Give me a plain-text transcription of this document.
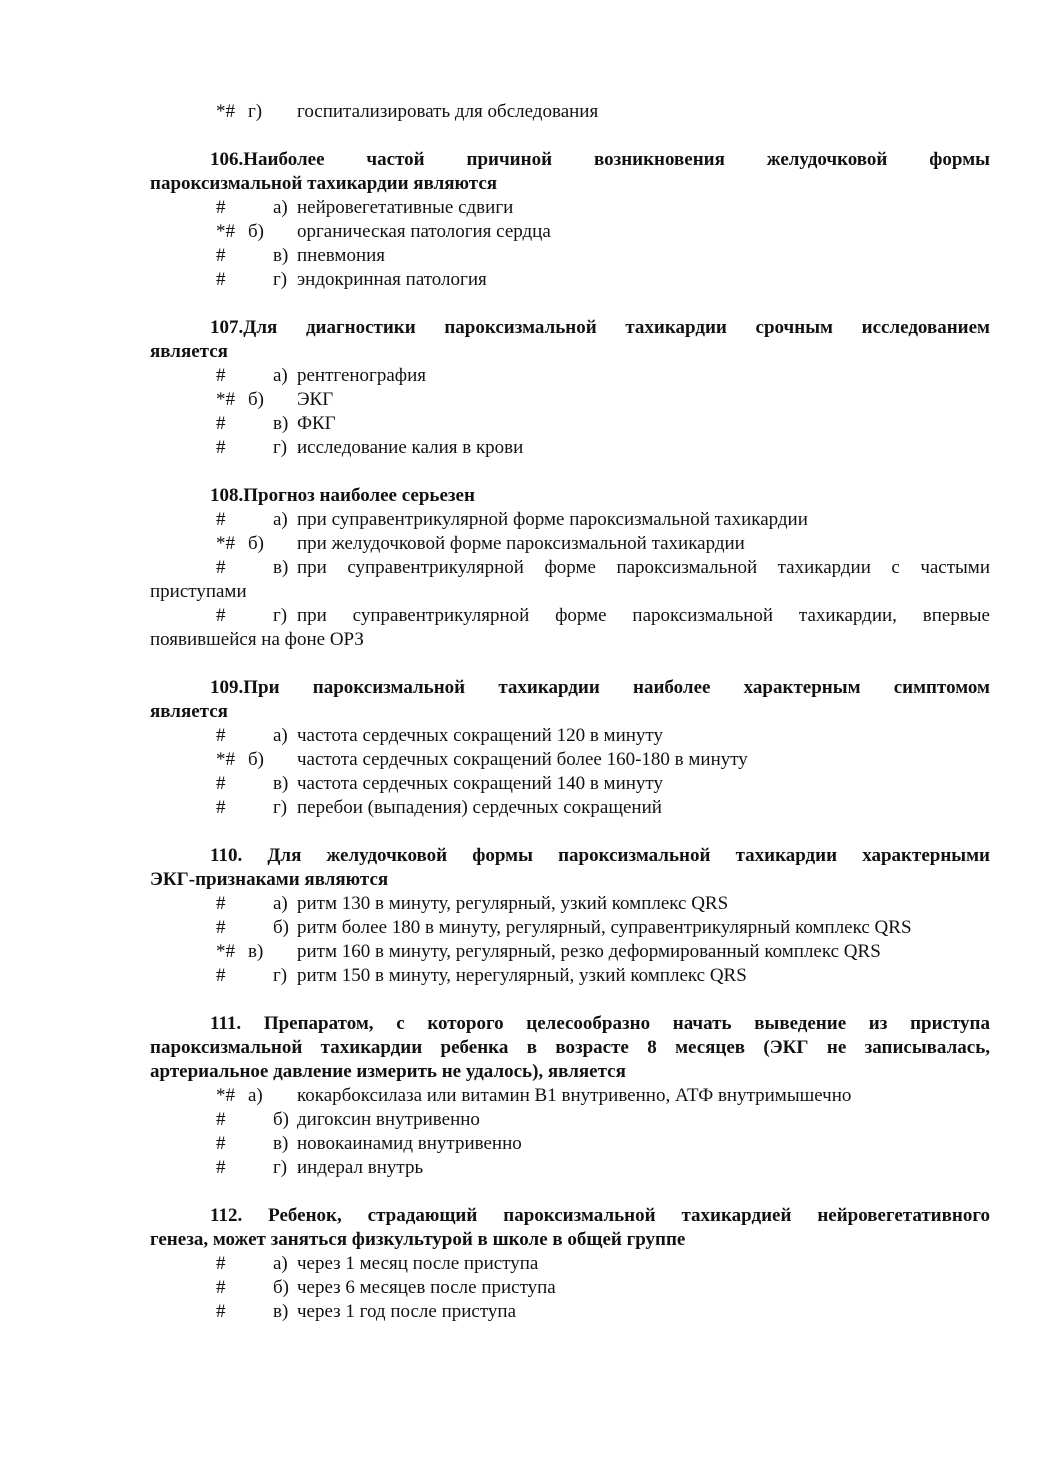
*# г) госпитализировать для обследования
106.Наиболее частой причиной возникновения желудочковой формы
пароксизмальной тахикардии являются
#	а) нейровегетативные сдвиги
*# б) органическая патология сердца
#	в) пневмония
#	г) эндокринная патология
107.Для диагностики пароксизмальной тахикардии срочным исследованием
является
#	а) рентгенография
*# б) ЭКГ
#	в) ФКГ
#	г) исследование калия в крови
108.Прогноз наиболее серьезен
#	а) при суправентрикулярной форме пароксизмальной тахикардии
*# б) при желудочковой форме пароксизмальной тахикардии
#	в) при суправентрикулярной форме пароксизмальной тахикардии с частыми
приступами
#	г) при суправентрикулярной форме пароксизмальной тахикардии, впервые
появившейся на фоне ОРЗ
109.При пароксизмальной тахикардии наиболее характерным симптомом
является
#	а) частота сердечных сокращений 120 в минуту
*# б) частота сердечных сокращений более 160-180 в минуту
#	в) частота сердечных сокращений 140 в минуту
#	г) перебои (выпадения) сердечных сокращений
110. Для желудочковой формы пароксизмальной тахикардии характерными
ЭКГ-признаками являются
#	а) ритм 130 в минуту, регулярный, узкий комплекс QRS
#	б) ритм более 180 в минуту, регулярный, суправентрикулярный комплекс QRS
*# в) ритм 160 в минуту, регулярный, резко деформированный комплекс QRS
#	г) ритм 150 в минуту, нерегулярный, узкий комплекс QRS
111. Препаратом, с которого целесообразно начать выведение из приступа
пароксизмальной тахикардии ребенка в возрасте 8 месяцев (ЭКГ не записывалась,
артериальное давление измерить не удалось), является
*# а) кокарбоксилаза или витамин В1 внутривенно, АТФ внутримышечно
#	б) дигоксин внутривенно
#	в) новокаинамид внутривенно
#	г) индерал внутрь
112. Ребенок, страдающий пароксизмальной тахикардией нейровегетативного
генеза, может заняться физкультурой в школе в общей группе
#	а) через 1 месяц после приступа
#	б) через 6 месяцев после приступа
#	в) через 1 год после приступа
